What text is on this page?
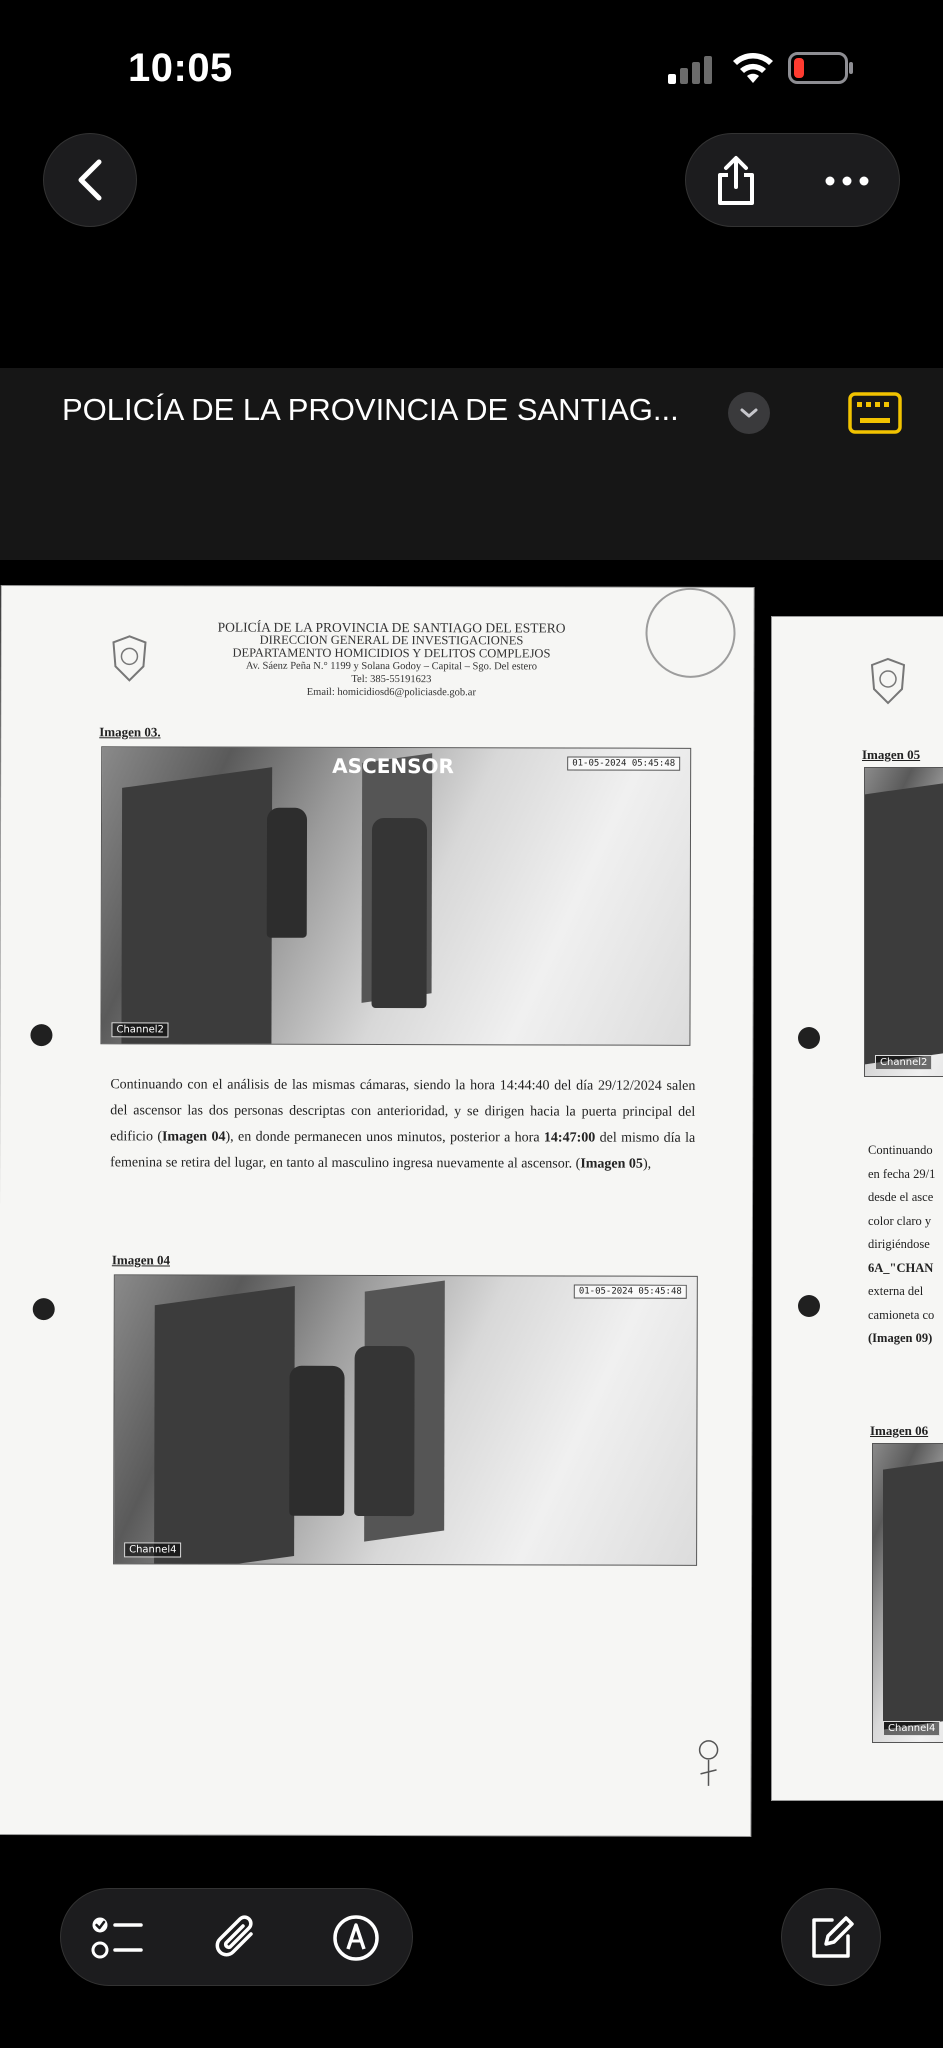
10:05
POLICÍA DE LA PROVINCIA DE SANTIAG...
POLICÍA DE LA PROVINCIA DE SANTIAGO DEL ESTERO
DIRECCION GENERAL DE INVESTIGACIONES
DEPARTAMENTO HOMICIDIOS Y DELITOS COMPLEJOS
Av. Sáenz Peña N.° 1199 y Solana Godoy – Capital – Sgo. Del estero
Tel: 385-55191623
Email: homicidiosd6@policiasde.gob.ar
Imagen 03.
ASCENSOR	01-05-2024 05:45:48
Channel2
Continuando con el análisis de las mismas cámaras, siendo la hora 14:44:40 del día 29/12/2024 salen del ascensor las dos personas descriptas con anterioridad, y se dirigen hacia la puerta principal del edificio (Imagen 04), en donde permanecen unos minutos, posterior a hora 14:47:00 del mismo día la femenina se retira del lugar, en tanto al masculino ingresa nuevamente al ascensor. (Imagen 05),
Imagen 04
01-05-2024 05:45:48
Channel4
Imagen 05
Channel2
Continuando
en fecha 29/1
desde el asce
color claro y
dirigiéndose
6A_"CHAN
externa del
camioneta co
(Imagen 09)
Imagen 06
Channel4
